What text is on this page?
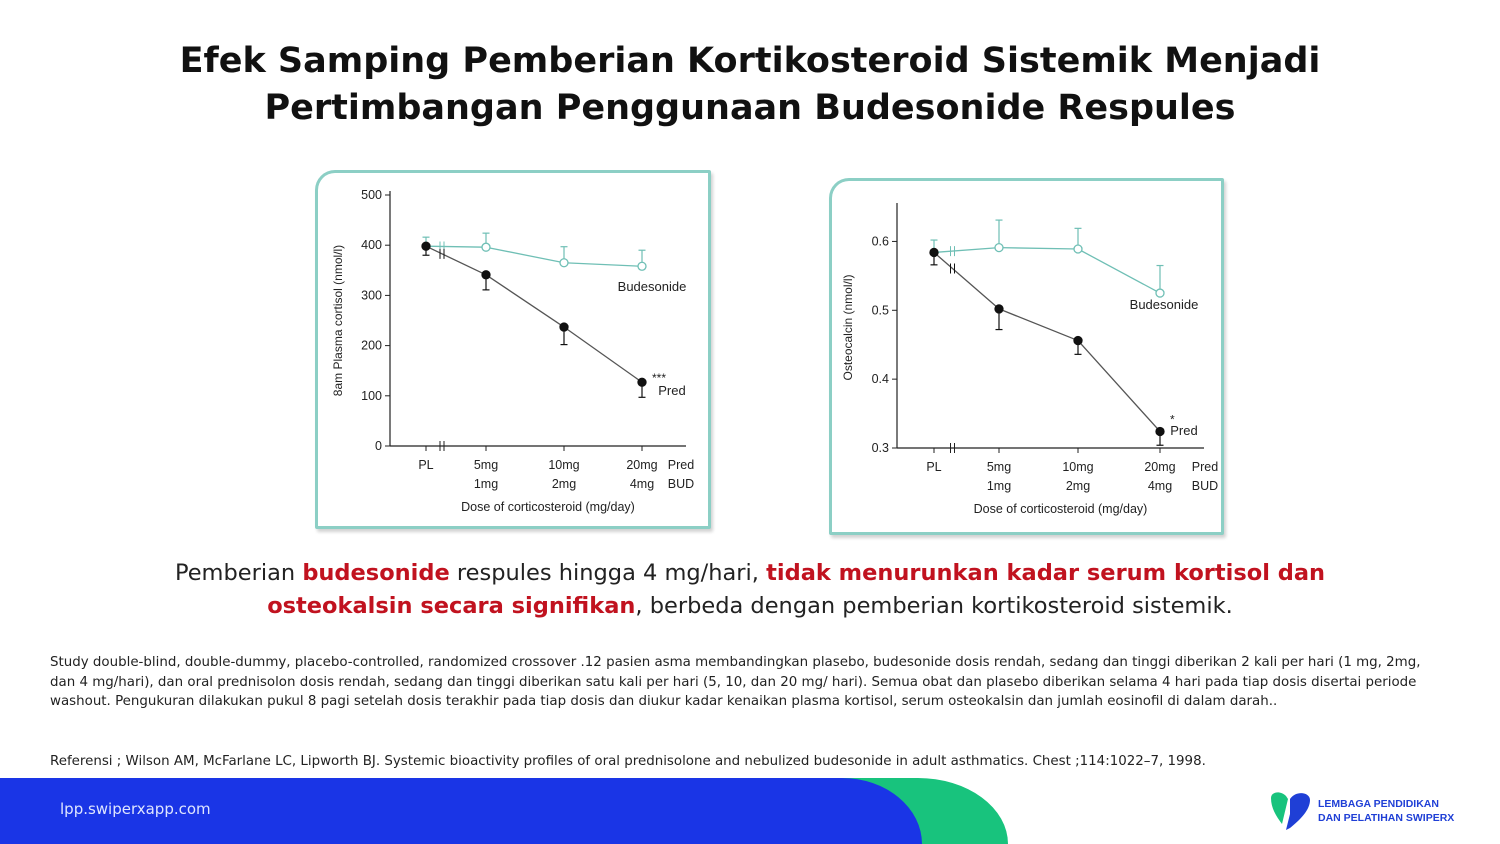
Efek Samping Pemberian Kortikosteroid Sistemik Menjadi
Pertimbangan Penggunaan Budesonide Respules
0
100
200
300
400
500
8am Plasma cortisol (nmol/l)
PL	5mg
1mg
10mg
2mg
20mg
4mg
Pred
BUD
Dose of corticosteroid (mg/day)
Budesonide
***
Pred
0.3
0.4
0.5
0.6
Osteocalcin (nmol/l)
PL	5mg
1mg
10mg
2mg
20mg
4mg
Pred
BUD
Dose of corticosteroid (mg/day)
Budesonide
*
Pred
Pemberian budesonide respules hingga 4 mg/hari, tidak menurunkan kadar serum kortisol dan osteokalsin secara signifikan, berbeda dengan pemberian kortikosteroid sistemik.
Study double-blind, double-dummy, placebo-controlled, randomized crossover .12 pasien asma membandingkan plasebo, budesonide dosis rendah, sedang dan tinggi diberikan 2 kali per hari (1 mg, 2mg, dan 4 mg/hari), dan oral prednisolon dosis rendah, sedang dan tinggi diberikan satu kali per hari (5, 10, dan 20 mg/ hari). Semua obat dan plasebo diberikan selama 4 hari pada tiap dosis disertai periode washout. Pengukuran dilakukan pukul 8 pagi setelah dosis terakhir pada tiap dosis dan diukur kadar kenaikan plasma kortisol, serum osteokalsin dan jumlah eosinofil di dalam darah..
Referensi ; Wilson AM, McFarlane LC, Lipworth BJ. Systemic bioactivity profiles of oral prednisolone and nebulized budesonide in adult asthmatics. Chest ;114:1022–7, 1998.
lpp.swiperxapp.com	LEMBAGA PENDIDIKAN
DAN PELATIHAN SWIPERX
